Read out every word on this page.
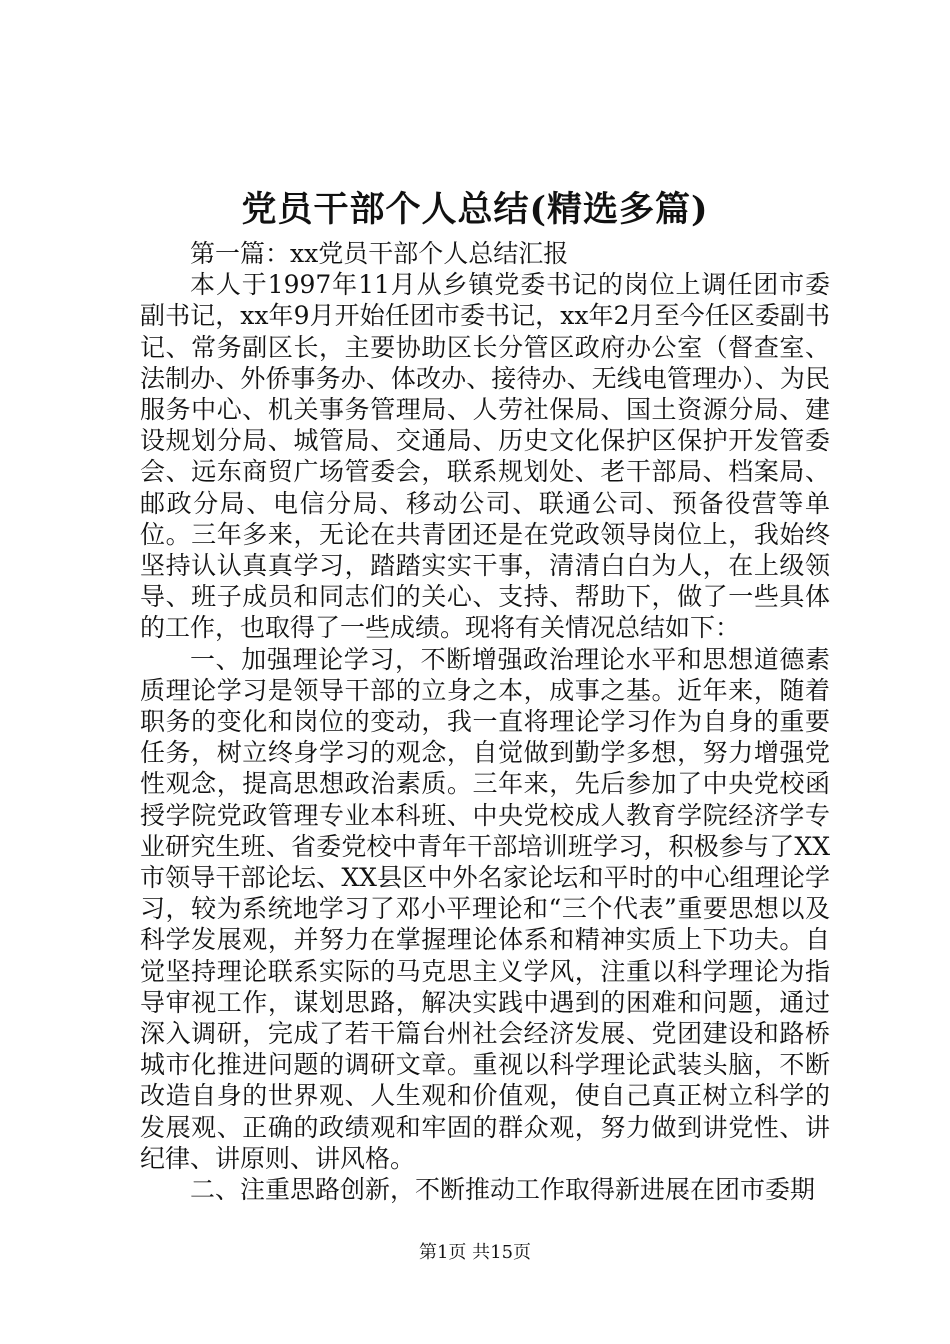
党员干部个人总结(精选多篇)

第一篇：xx党员干部个人总结汇报

本人于1997年11月从乡镇党委书记的岗位上调任团市委副书记，xx年9月开始任团市委书记，xx年2月至今任区委副书记、常务副区长，主要协助区长分管区政府办公室（督查室、法制办、外侨事务办、体改办、接待办、无线电管理办）、为民服务中心、机关事务管理局、人劳社保局、国土资源分局、建设规划分局、城管局、交通局、历史文化保护区保护开发管委会、远东商贸广场管委会，联系规划处、老干部局、档案局、邮政分局、电信分局、移动公司、联通公司、预备役营等单位。三年多来，无论在共青团还是在党政领导岗位上，我始终坚持认认真真学习，踏踏实实干事，清清白白为人，在上级领导、班子成员和同志们的关心、支持、帮助下，做了一些具体的工作，也取得了一些成绩。现将有关情况总结如下：

一、加强理论学习，不断增强政治理论水平和思想道德素质理论学习是领导干部的立身之本，成事之基。近年来，随着职务的变化和岗位的变动，我一直将理论学习作为自身的重要任务，树立终身学习的观念，自觉做到勤学多想，努力增强党性观念，提高思想政治素质。三年来，先后参加了中央党校函授学院党政管理专业本科班、中央党校成人教育学院经济学专业研究生班、省委党校中青年干部培训班学习，积极参与了XX市领导干部论坛、XX县区中外名家论坛和平时的中心组理论学习，较为系统地学习了邓小平理论和“三个代表”重要思想以及科学发展观，并努力在掌握理论体系和精神实质上下功夫。自觉坚持理论联系实际的马克思主义学风，注重以科学理论为指导审视工作，谋划思路，解决实践中遇到的困难和问题，通过深入调研，完成了若干篇台州社会经济发展、党团建设和路桥城市化推进问题的调研文章。重视以科学理论武装头脑，不断改造自身的世界观、人生观和价值观，使自己真正树立科学的发展观、正确的政绩观和牢固的群众观，努力做到讲党性、讲纪律、讲原则、讲风格。

二、注重思路创新，不断推动工作取得新进展在团市委期

第1页 共15页
